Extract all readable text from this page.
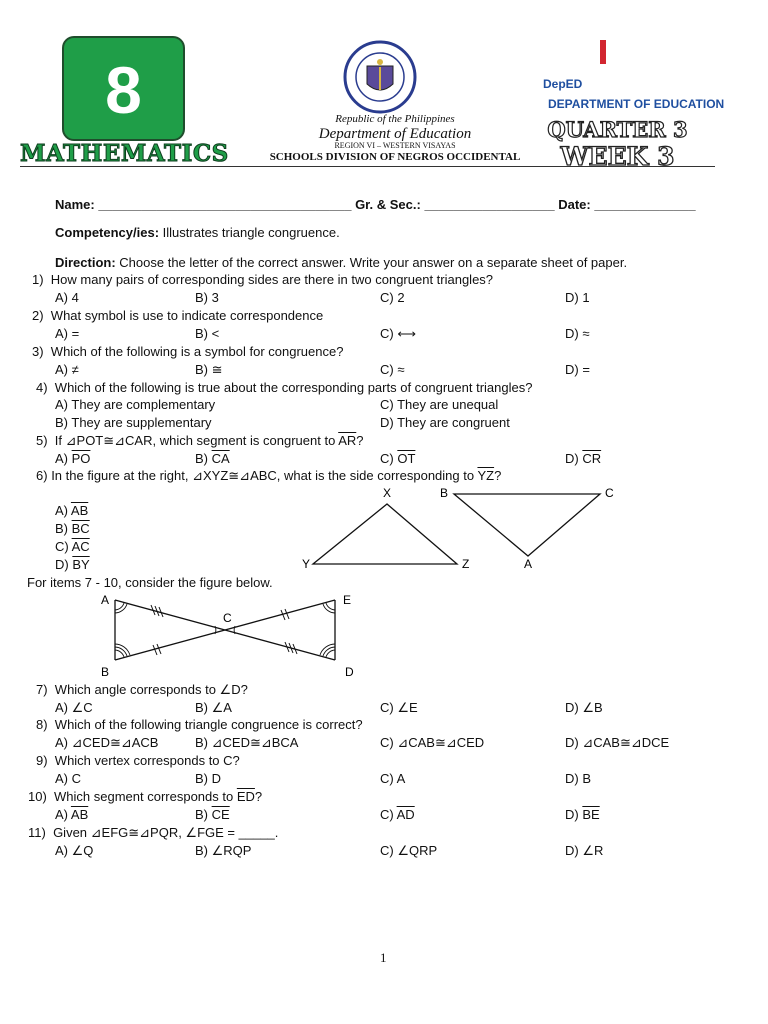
8
MATHEMATICS
Republic of the Philippines
Department of Education
REGION VI – WESTERN VISAYAS
SCHOOLS DIVISION OF NEGROS OCCIDENTAL
DepED
DEPARTMENT OF EDUCATION
QUARTER 3
WEEK 3
Name: ___________________________________ Gr. & Sec.: __________________ Date: ______________
Competency/ies: Illustrates triangle congruence.
Direction: Choose the letter of the correct answer. Write your answer on a separate sheet of paper.
1) How many pairs of corresponding sides are there in two congruent triangles?
A) 4	B) 3	C) 2	D) 1
2) What symbol is use to indicate correspondence
A) =	B) <	C) ⟷	D) ≈
3) Which of the following is a symbol for congruence?
A) ≠	B) ≅	C) ≈	D) =
4) Which of the following is true about the corresponding parts of congruent triangles?
A) They are complementary
B) They are supplementary
C) They are unequal
D) They are congruent
5) If ⊿POT≅⊿CAR, which segment is congruent to $\overline{AR}$?
A) $\overline{PO}$	B) $\overline{CA}$	C) $\overline{OT}$	D) $\overline{CR}$
6) In the figure at the right, ⊿XYZ≅⊿ABC, what is the side corresponding to $\overline{YZ}$?
A) $\overline{AB}$
B) $\overline{BC}$
C) $\overline{AC}$
D) $\overline{BY}$
X
Y	Z
B	C
A
For items 7 - 10, consider the figure below.
A
C
E
B	D
7) Which angle corresponds to ∠D?
A) ∠C	B) ∠A	C) ∠E	D) ∠B
8) Which of the following triangle congruence is correct?
A) ⊿CED≅⊿ACB	B) ⊿CED≅⊿BCA	C) ⊿CAB≅⊿CED	D) ⊿CAB≅⊿DCE
9) Which vertex corresponds to C?
A) C	B) D	C) A	D) B
10) Which segment corresponds to $\overline{ED}$?
A) $\overline{AB}$	B) $\overline{CE}$	C) $\overline{AD}$	D) $\overline{BE}$
11) Given ⊿EFG≅⊿PQR, ∠FGE = _____.
A) ∠Q	B) ∠RQP	C) ∠QRP	D) ∠R
1
